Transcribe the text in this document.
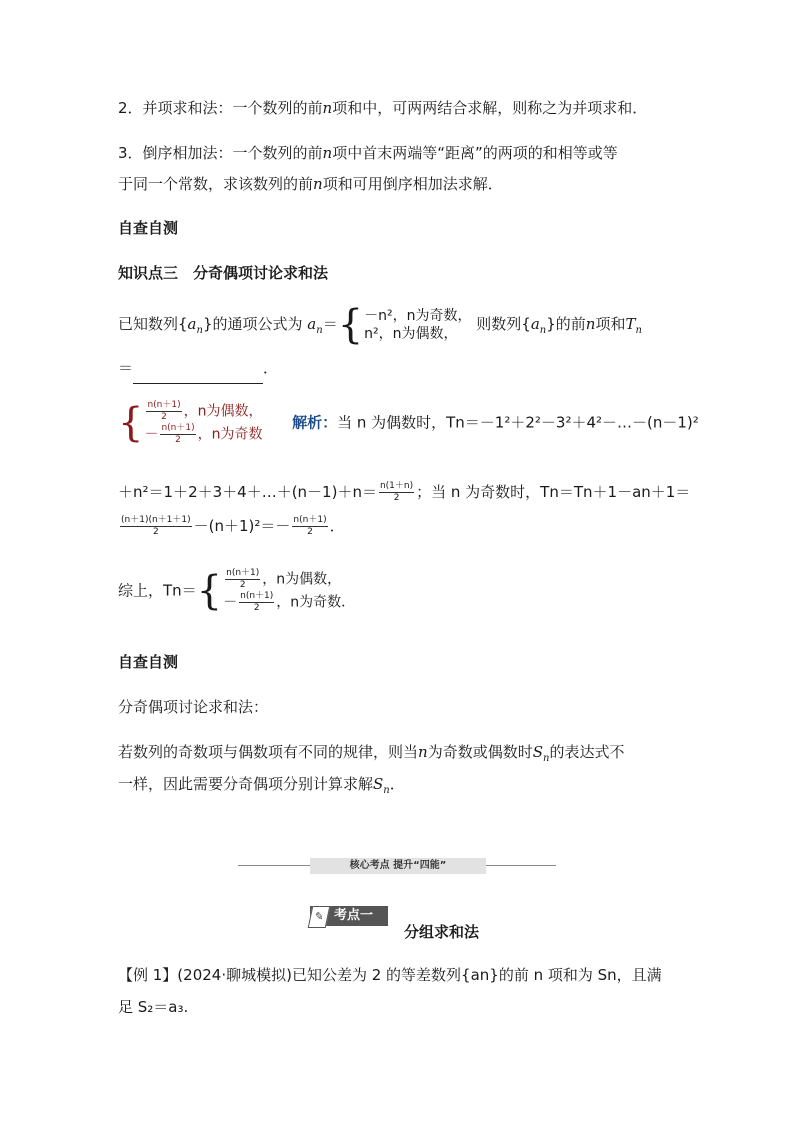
2．并项求和法：一个数列的前n项和中，可两两结合求解，则称之为并项求和．
3．倒序相加法：一个数列的前n项中首末两端等“距离”的两项的和相等或等
于同一个常数，求该数列的前n项和可用倒序相加法求解．
自查自测
知识点三　分奇偶项讨论求和法
已知数列$\{a_n\}$的通项公式为 $a_n=\{-n^2$，n为奇数，
n²，n为偶数， 则数列$\{a_n\}$的前n项和$T_n$
＝	．
{ $\frac{n(n+1)}{2}$ ，n为偶数，
－ $\frac{n(n+1)}{2}$ ，n为奇数  解析：当 n 为偶数时，Tn＝－1²＋2²－3²＋4²－…－(n－1)²
＋n²＝1＋2＋3＋4＋…＋(n－1)＋n＝ $\frac{n(1+n)}{2}$ ；当 n 为奇数时，Tn＝Tn＋1－an＋1＝
$\frac{(n+1)(n+1+1)}{2} -(n+1)^2=- \frac{n(n+1)}{2}$ ．
综上，$Tn=\{ \frac{n(n+1)}{2}$ ，n为偶数，
－ $\frac{n(n+1)}{2}$ ，n为奇数．
自查自测
分奇偶项讨论求和法：
若数列的奇数项与偶数项有不同的规律，则当n为奇数或偶数时$S_n$的表达式不
一样，因此需要分奇偶项分别计算求解$S_n$．
核心考点 提升“四能”
✎ 考点一
分组求和法
【例 1】(2024·聊城模拟)已知公差为 2 的等差数列{an}的前 n 项和为 Sn，且满
足 S₂＝a₃.
